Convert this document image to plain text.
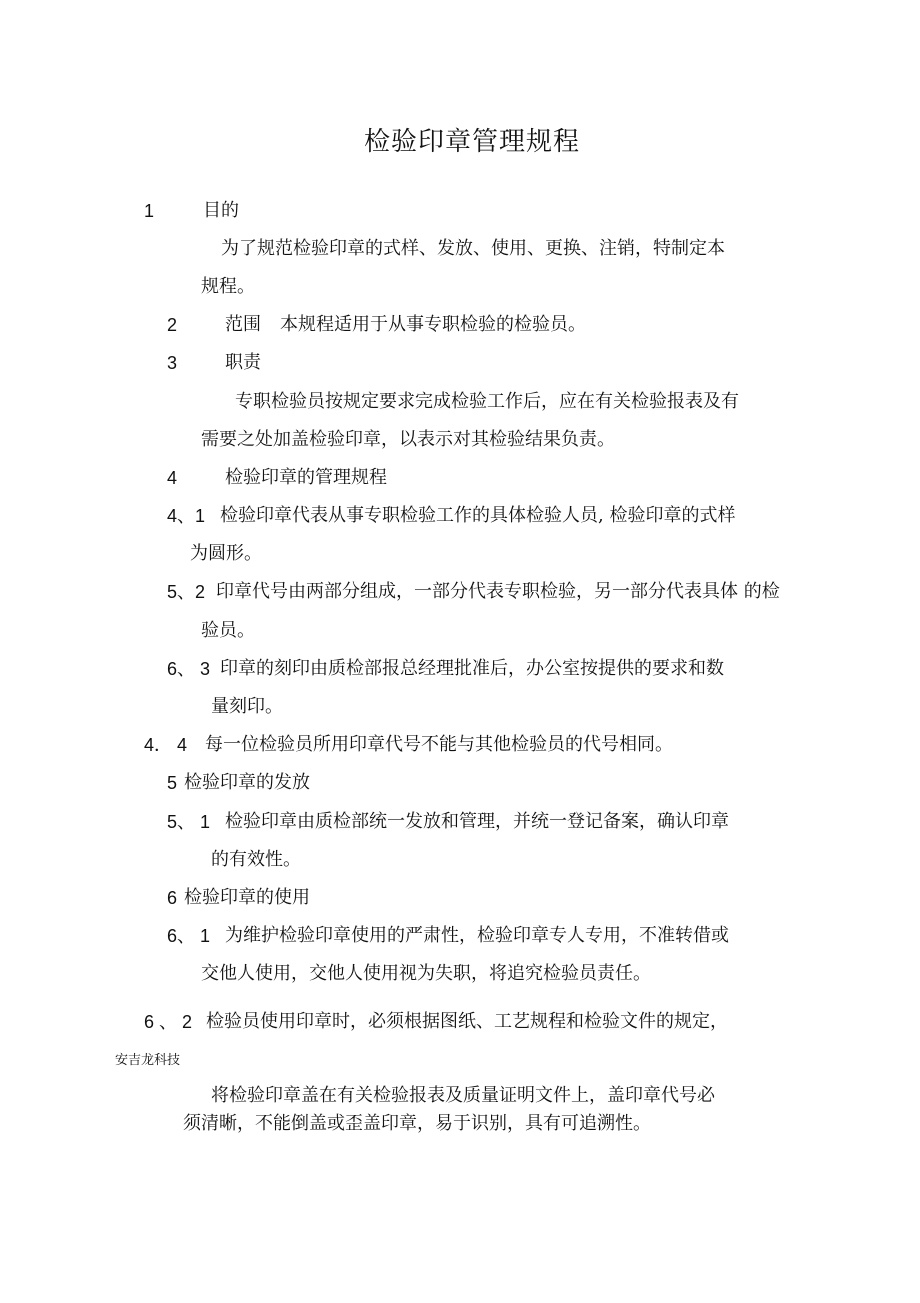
检验印章管理规程

1	目的

为了规范检验印章的式样、发放、使用、更换、注销，特制定本

规程。

2	范围 本规程适用于从事专职检验的检验员。

3	职责

专职检验员按规定要求完成检验工作后，应在有关检验报表及有

需要之处加盖检验印章，以表示对其检验结果负责。

4	检验印章的管理规程

4、1 检验印章代表从事专职检验工作的具体检验人员, 检验印章的式样

为圆形。

5、2 印章代号由两部分组成，一部分代表专职检验，另一部分代表具体 的检

验员。

6、 3 印章的刻印由质检部报总经理批准后，办公室按提供的要求和数

量刻印。

4． 4 每一位检验员所用印章代号不能与其他检验员的代号相同。

5 检验印章的发放

5、 1 检验印章由质检部统一发放和管理，并统一登记备案，确认印章

的有效性。

6 检验印章的使用

6、 1 为维护检验印章使用的严肃性，检验印章专人专用，不准转借或

交他人使用，交他人使用视为失职，将追究检验员责任。

6 、 2 检验员使用印章时，必须根据图纸、工艺规程和检验文件的规定，

安吉龙科技

将检验印章盖在有关检验报表及质量证明文件上，盖印章代号必

须清晰，不能倒盖或歪盖印章，易于识别，具有可追溯性。
